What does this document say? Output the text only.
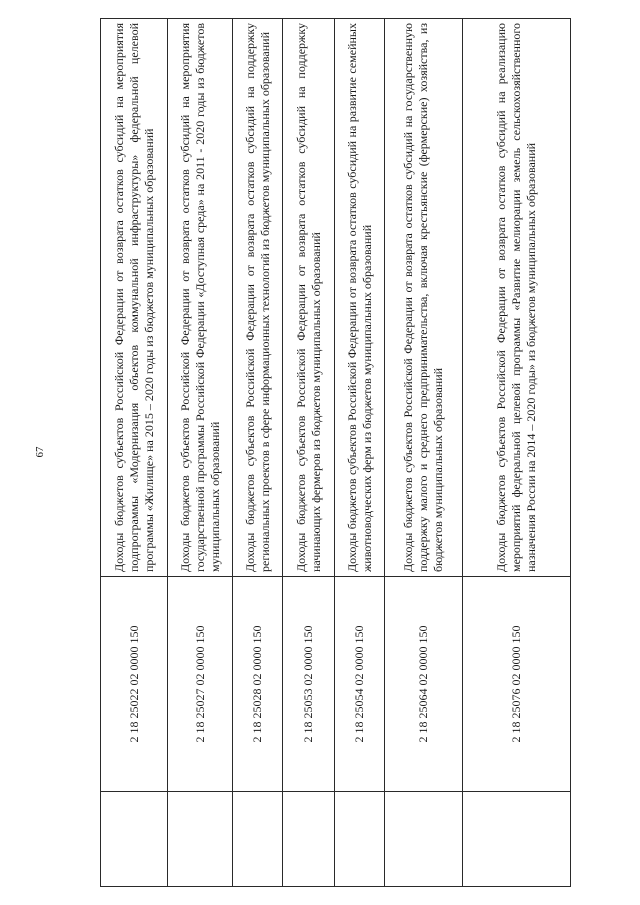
67
	2 18 25022 02 0000 150	Доходы бюджетов субъектов Российской Федерации от возврата остатков субсидий на мероприятия подпрограммы «Модернизация объектов коммунальной инфраструктуры» федеральной целевой программы «Жилище» на 2015 – 2020 годы из бюджетов муниципальных образований
	2 18 25027 02 0000 150	Доходы бюджетов субъектов Российской Федерации от возврата остатков субсидий на мероприятия государственной программы Российской Федерации «Доступная среда» на 2011 - 2020 годы из бюджетов муниципальных образований
	2 18 25028 02 0000 150	Доходы бюджетов субъектов Российской Федерации от возврата остатков субсидий на поддержку региональных проектов в сфере информационных технологий из бюджетов муниципальных образований
	2 18 25053 02 0000 150	Доходы бюджетов субъектов Российской Федерации от возврата остатков субсидий на поддержку начинающих фермеров из бюджетов муниципальных образований
	2 18 25054 02 0000 150	Доходы бюджетов субъектов Российской Федерации от возврата остатков субсидий на развитие семейных животноводческих ферм из бюджетов муниципальных образований
	2 18 25064 02 0000 150	Доходы бюджетов субъектов Российской Федерации от возврата остатков субсидий на государственную поддержку малого и среднего предпринимательства, включая крестьянские (фермерские) хозяйства, из бюджетов муниципальных образований
	2 18 25076 02 0000 150	Доходы бюджетов субъектов Российской Федерации от возврата остатков субсидий на реализацию мероприятий федеральной целевой программы «Развитие мелиорации земель сельскохозяйственного назначения России на 2014 – 2020 годы» из бюджетов муниципальных образований
